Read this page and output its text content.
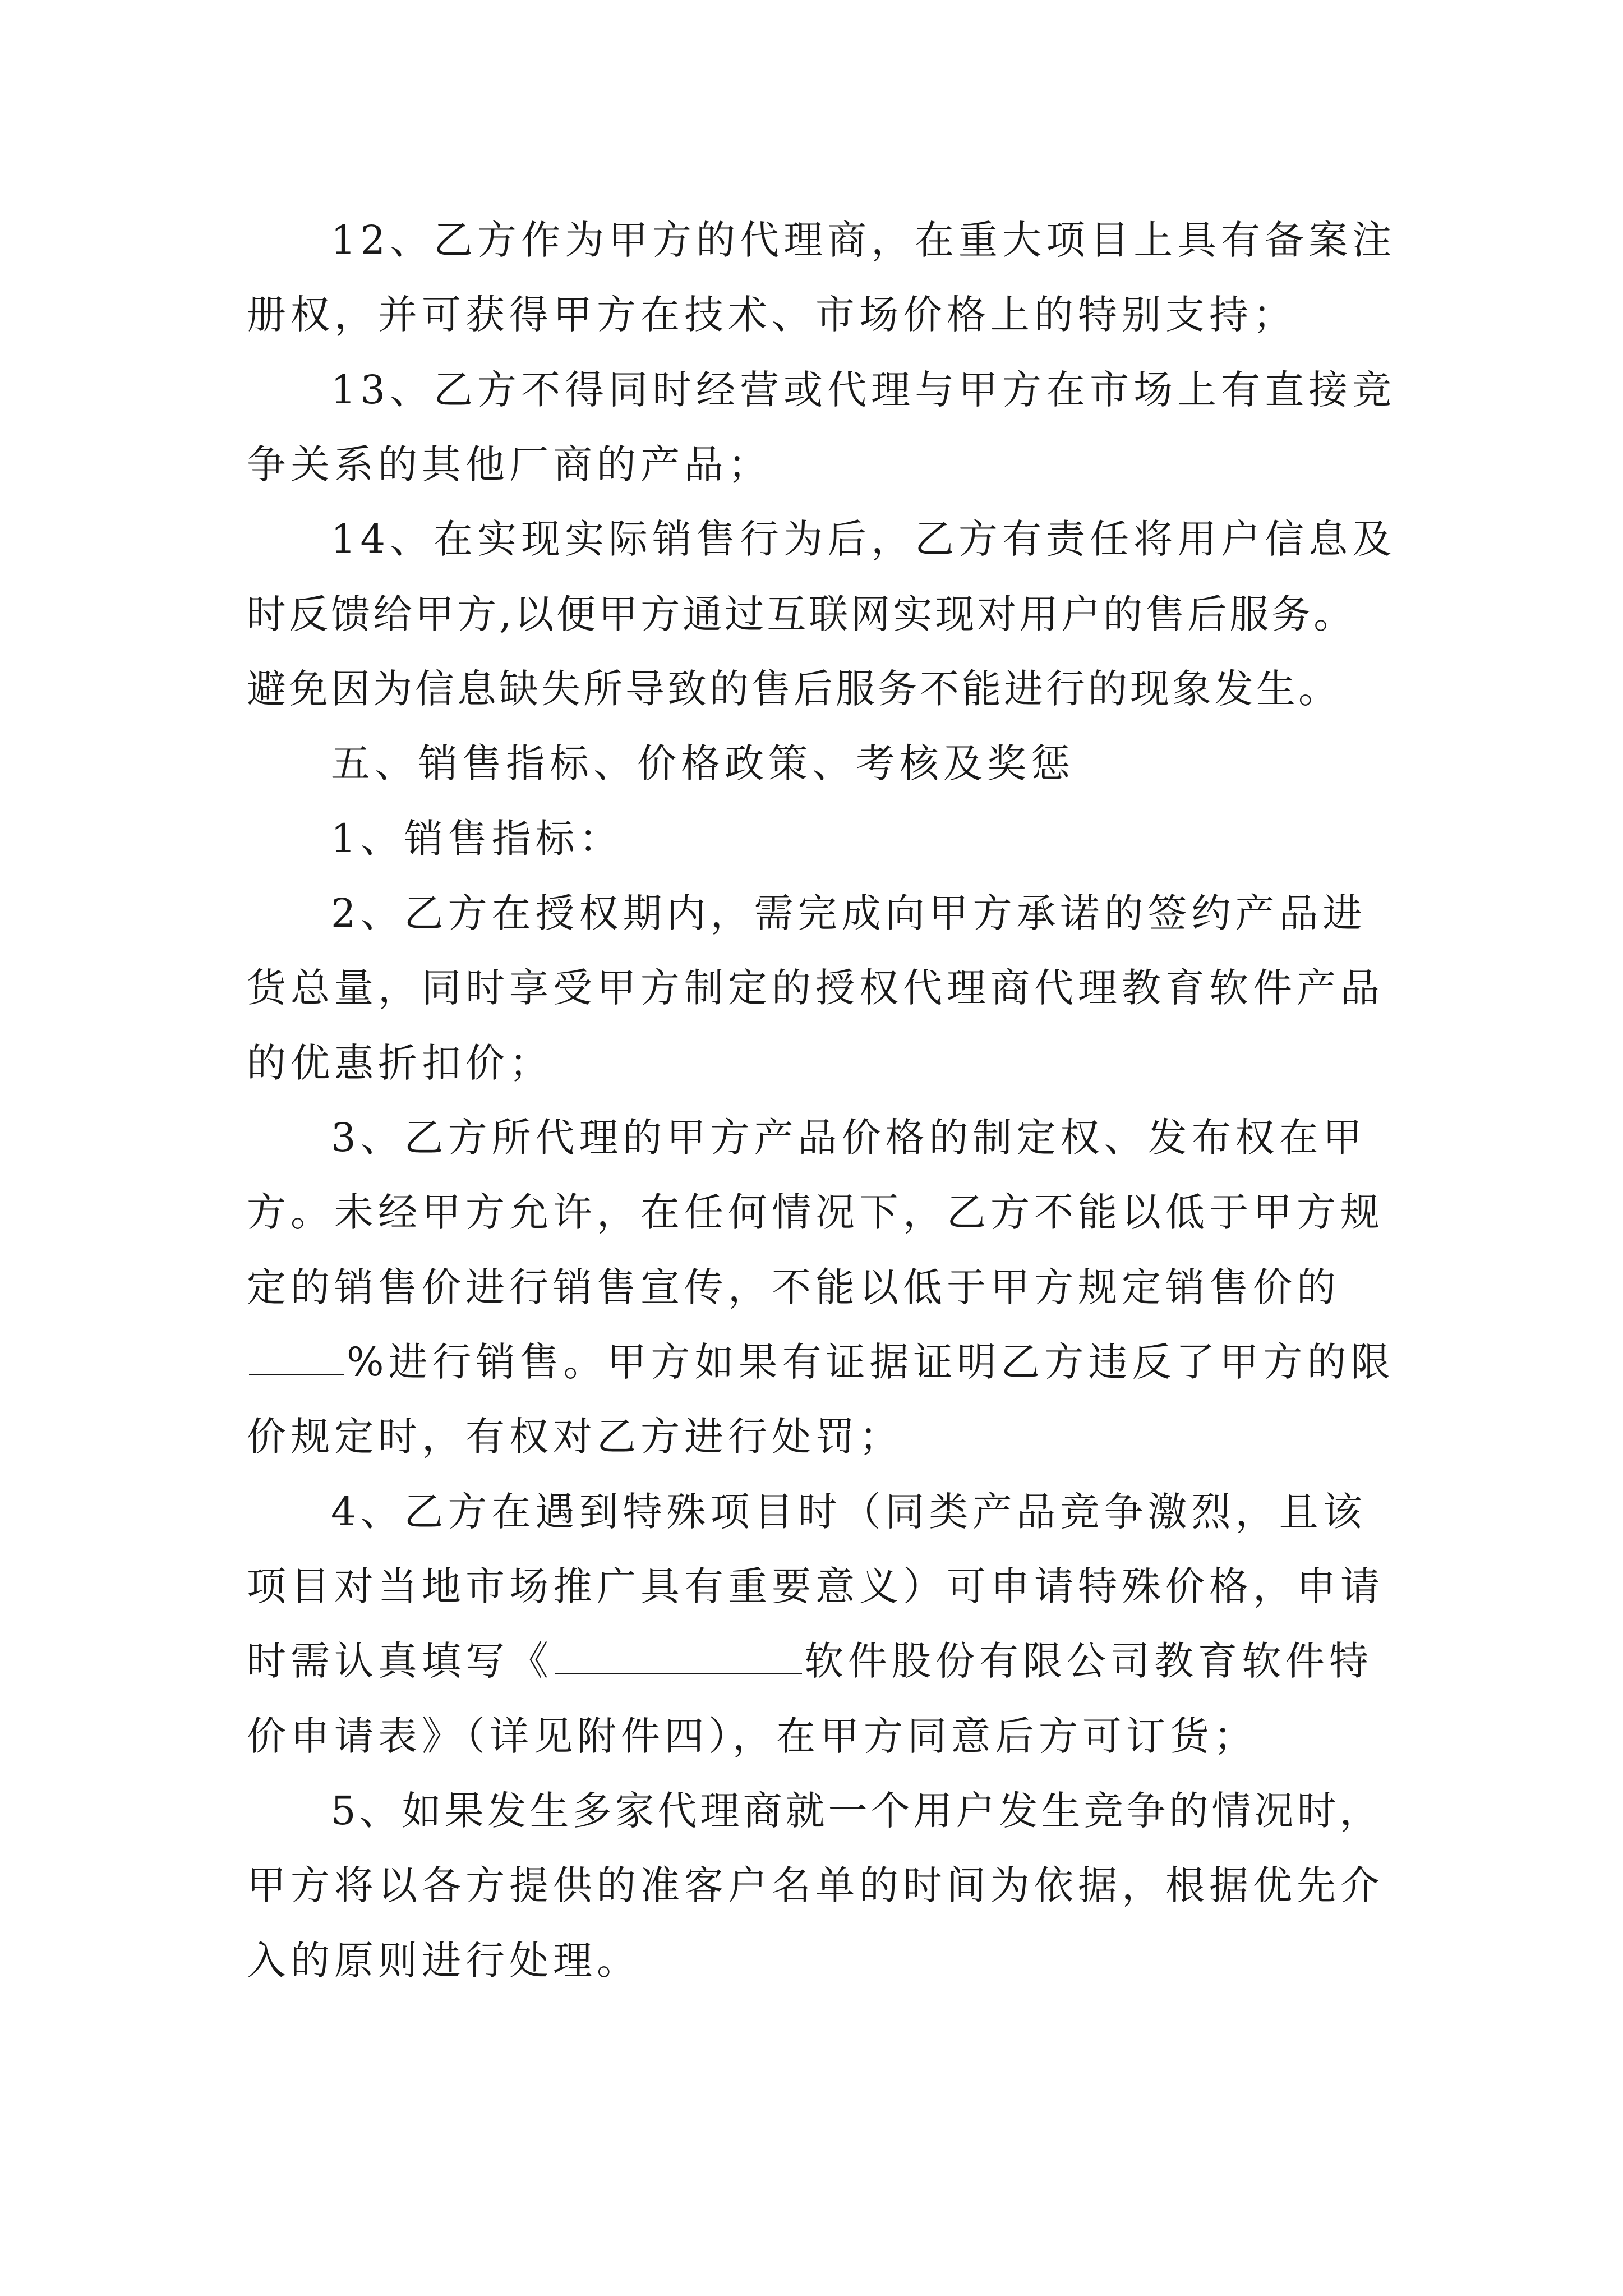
12、乙方作为甲方的代理商，在重大项目上具有备案注
册权，并可获得甲方在技术、市场价格上的特别支持；
13、乙方不得同时经营或代理与甲方在市场上有直接竞
争关系的其他厂商的产品；
14、在实现实际销售行为后，乙方有责任将用户信息及
时反馈给甲方,以便甲方通过互联网实现对用户的售后服务。
避免因为信息缺失所导致的售后服务不能进行的现象发生。
五、销售指标、价格政策、考核及奖惩
1、销售指标：
2、乙方在授权期内，需完成向甲方承诺的签约产品进
货总量，同时享受甲方制定的授权代理商代理教育软件产品
的优惠折扣价；
3、乙方所代理的甲方产品价格的制定权、发布权在甲
方。未经甲方允许，在任何情况下，乙方不能以低于甲方规
定的销售价进行销售宣传，不能以低于甲方规定销售价的
%进行销售。甲方如果有证据证明乙方违反了甲方的限
价规定时，有权对乙方进行处罚；
4、乙方在遇到特殊项目时（同类产品竞争激烈，且该
项目对当地市场推广具有重要意义）可申请特殊价格，申请
时需认真填写《	软件股份有限公司教育软件特
价申请表》（详见附件四），在甲方同意后方可订货；
5、如果发生多家代理商就一个用户发生竞争的情况时，
甲方将以各方提供的准客户名单的时间为依据，根据优先介
入的原则进行处理。
